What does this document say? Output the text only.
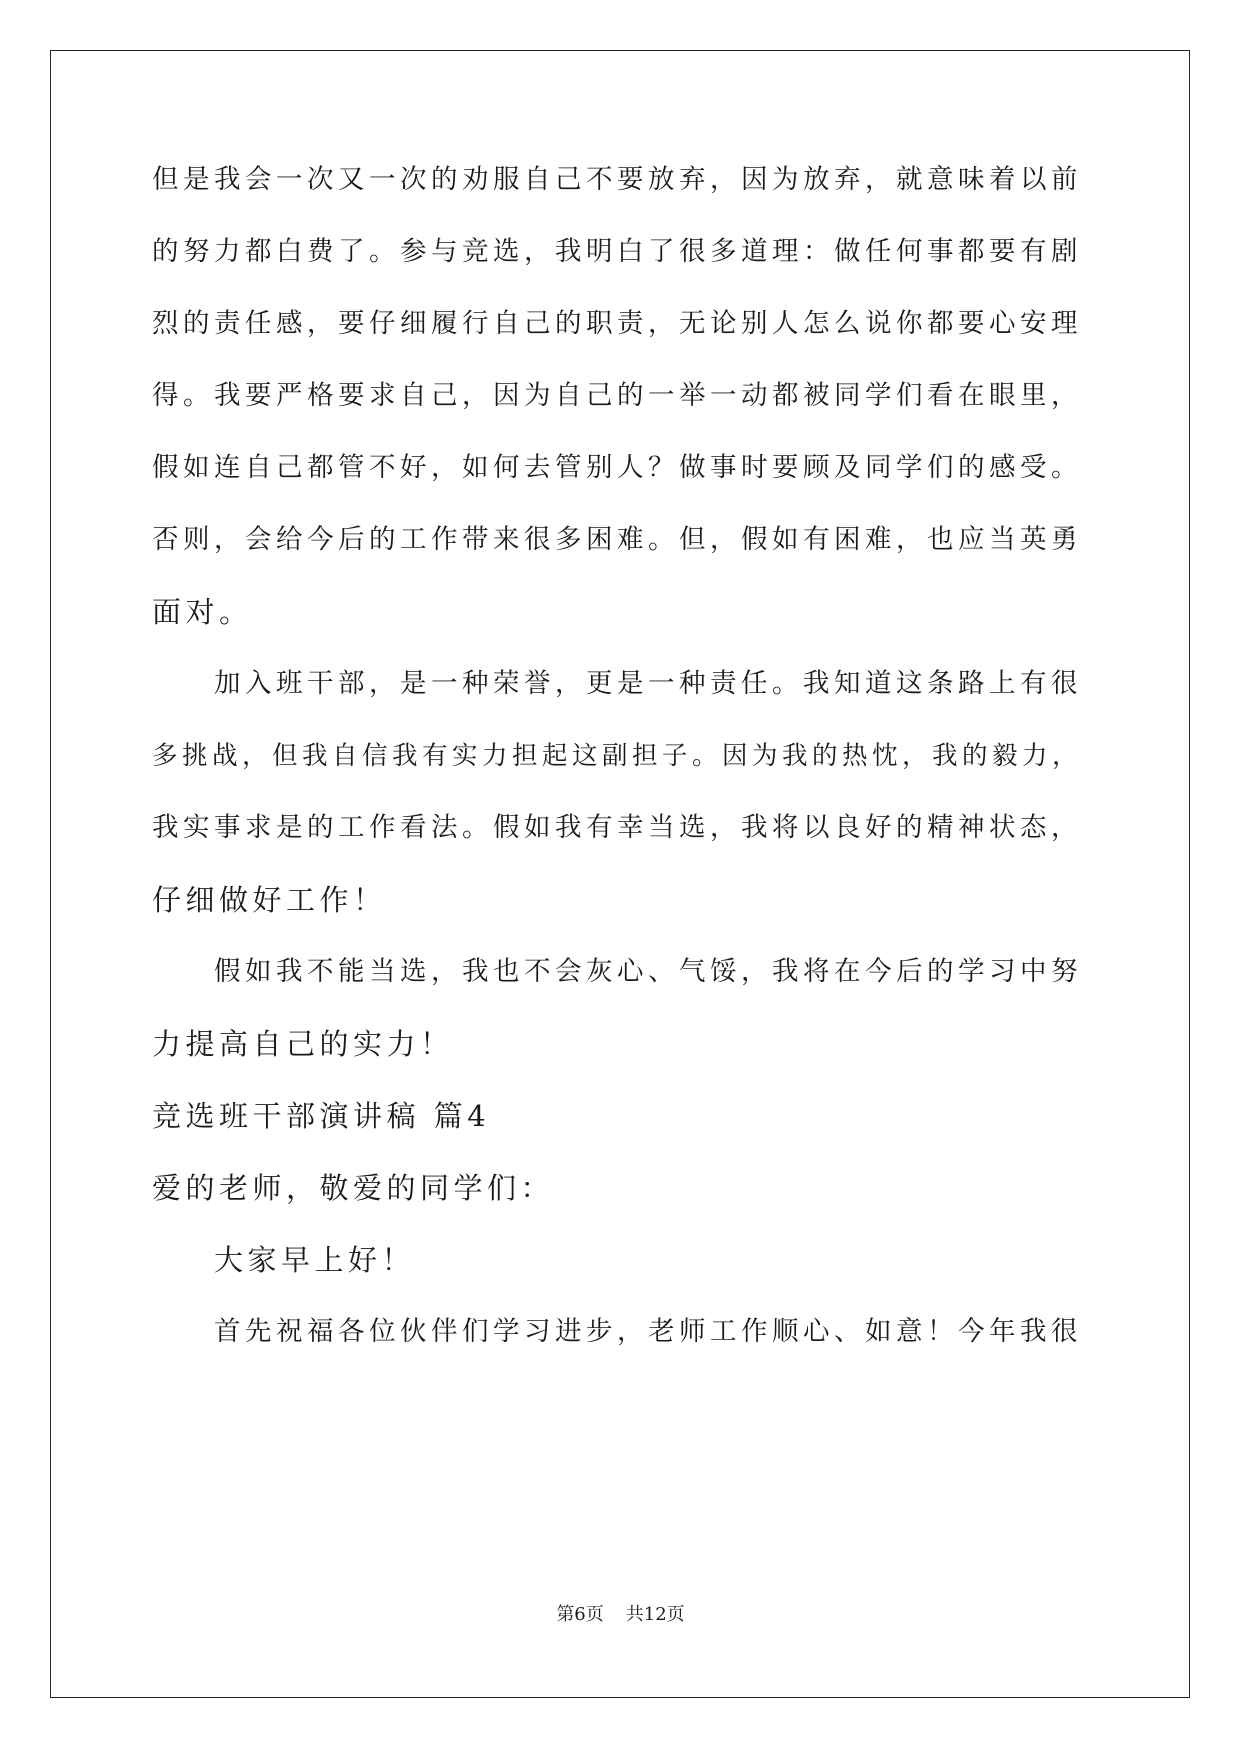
但是我会一次又一次的劝服自己不要放弃，因为放弃，就意味着以前
的努力都白费了。参与竞选，我明白了很多道理：做任何事都要有剧
烈的责任感，要仔细履行自己的职责，无论别人怎么说你都要心安理
得。我要严格要求自己，因为自己的一举一动都被同学们看在眼里，
假如连自己都管不好，如何去管别人？做事时要顾及同学们的感受。
否则，会给今后的工作带来很多困难。但，假如有困难，也应当英勇
面对。
加入班干部，是一种荣誉，更是一种责任。我知道这条路上有很
多挑战，但我自信我有实力担起这副担子。因为我的热忱，我的毅力，
我实事求是的工作看法。假如我有幸当选，我将以良好的精神状态，
仔细做好工作！
假如我不能当选，我也不会灰心、气馁，我将在今后的学习中努
力提高自己的实力！
竞选班干部演讲稿 篇4
爱的老师，敬爱的同学们：
大家早上好！
首先祝福各位伙伴们学习进步，老师工作顺心、如意！今年我很
第6页 共12页
